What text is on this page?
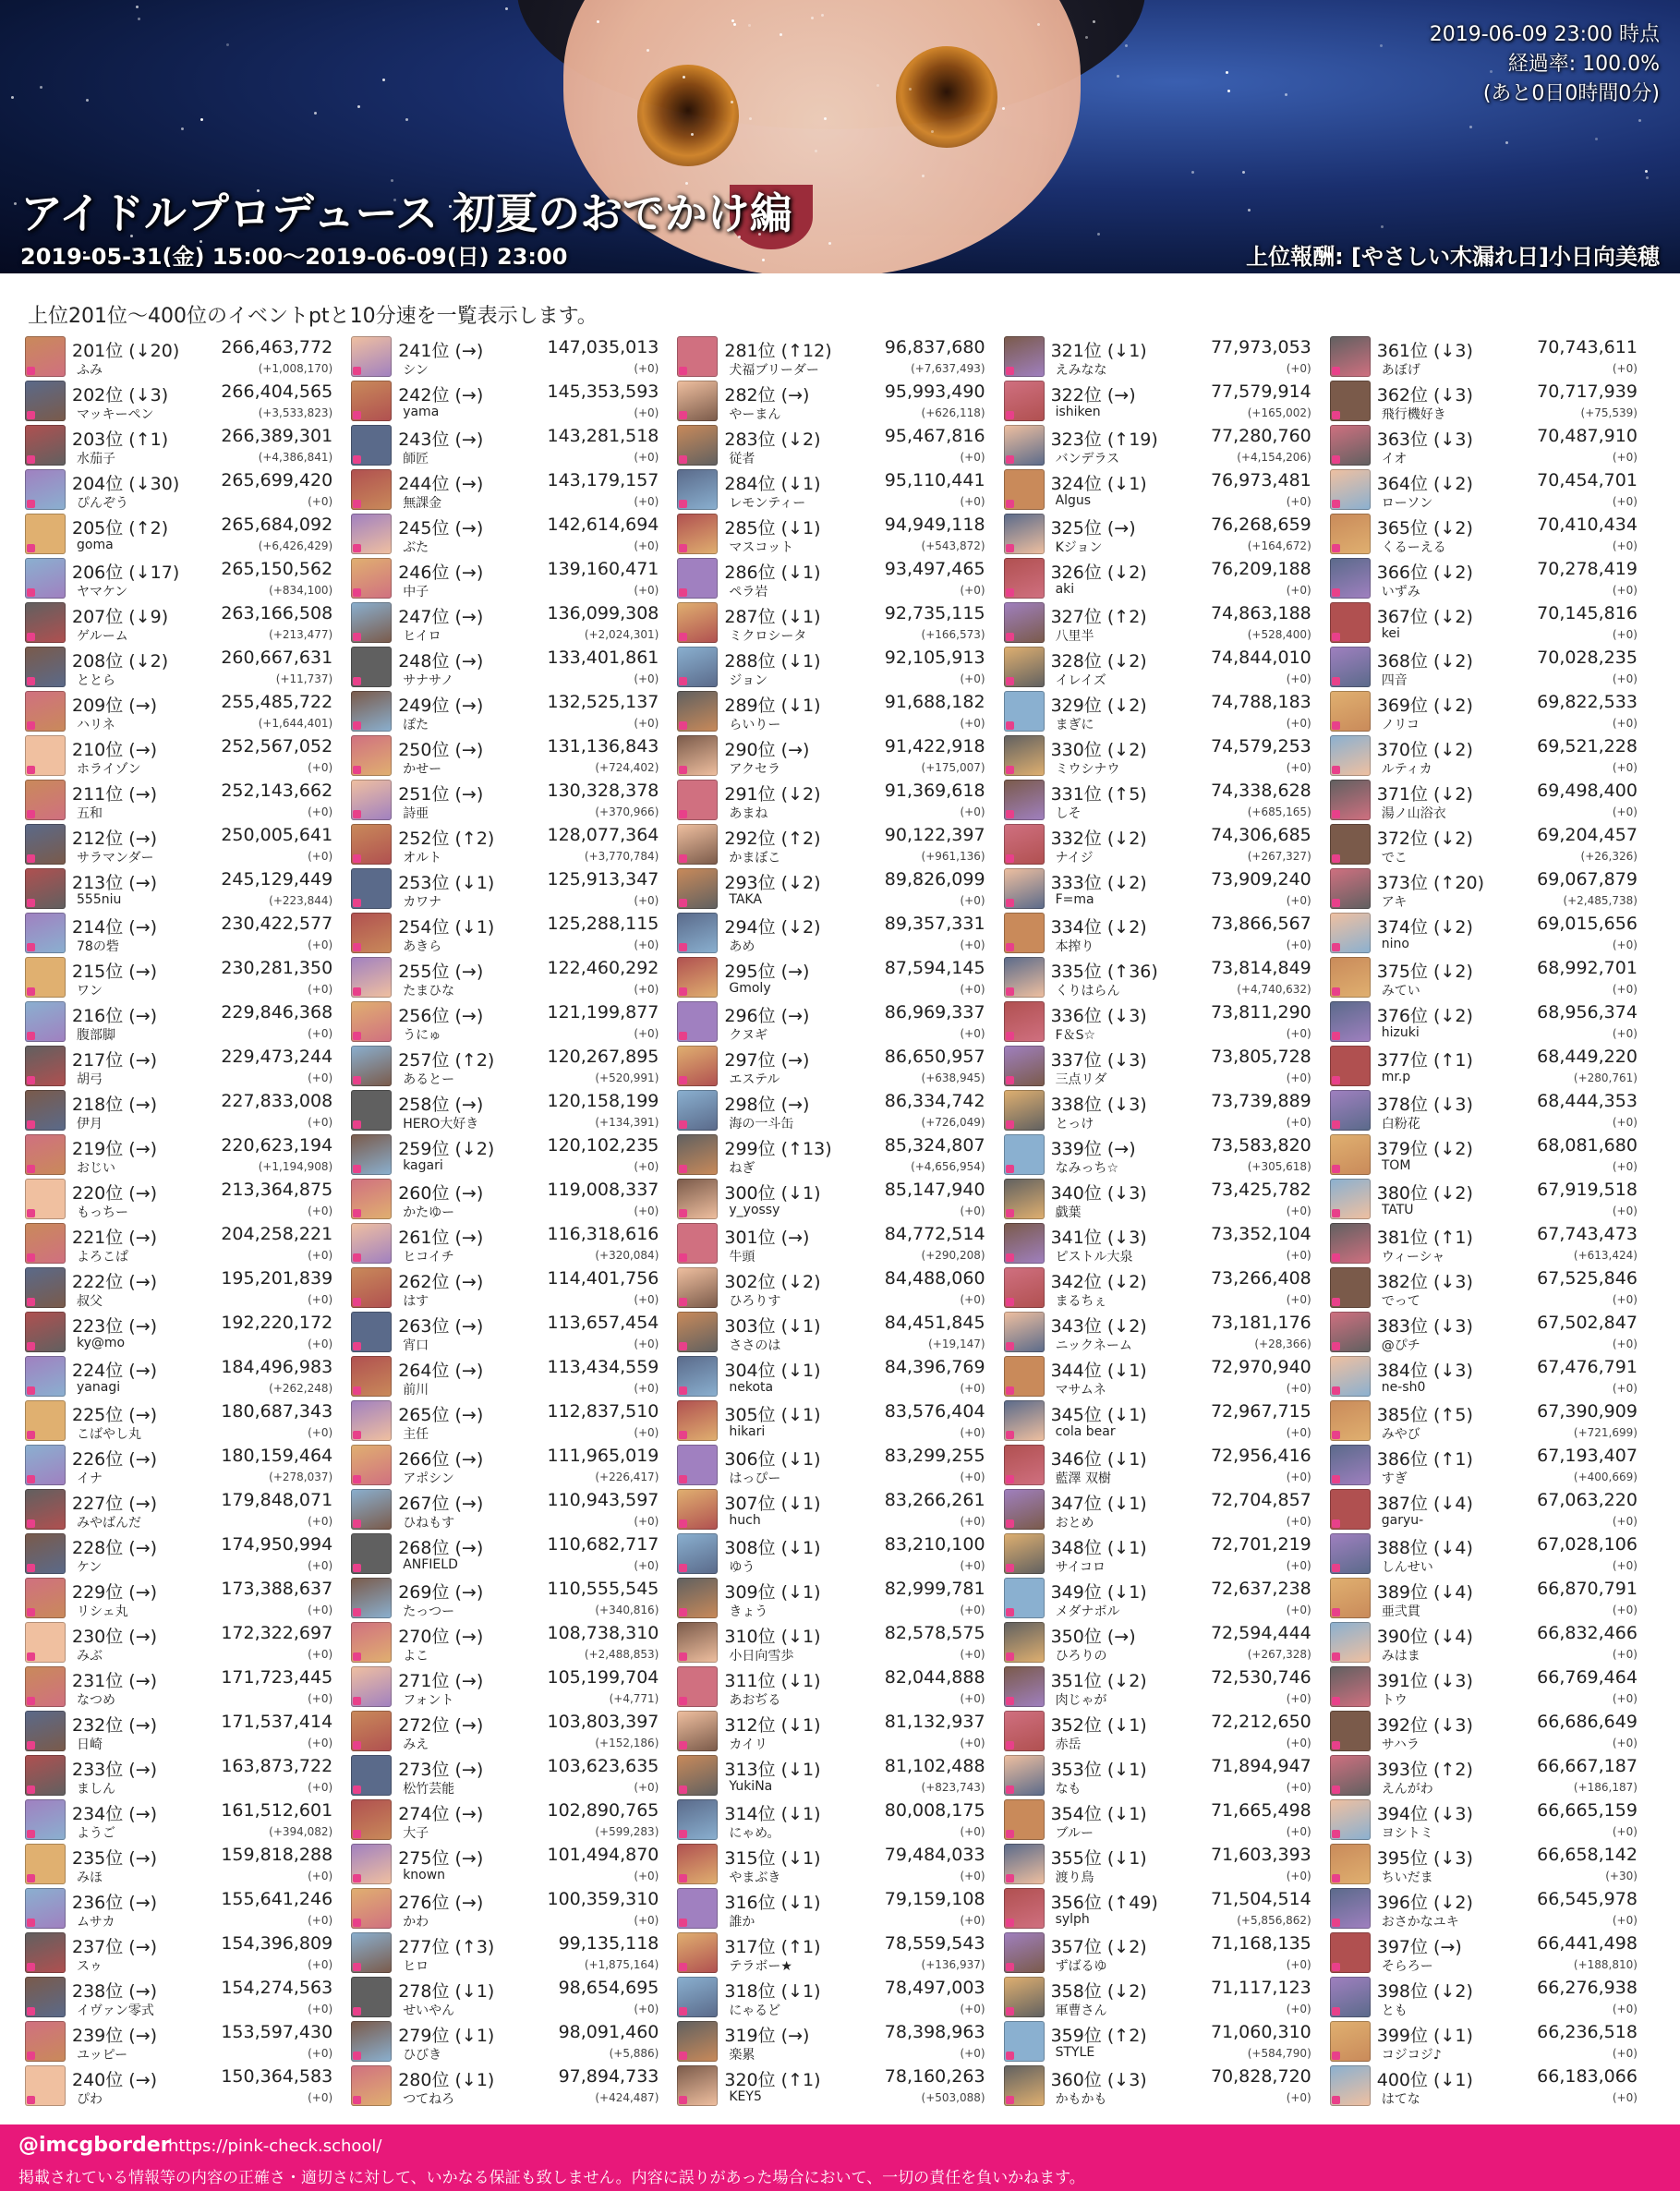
アイドルプロデュース 初夏のおでかけ編
2019-05-31(金) 15:00〜2019-06-09(日) 23:00	上位報酬: [やさしい木漏れ日]小日向美穂
2019-06-09 23:00 時点
経過率: 100.0%
(あと0日0時間0分)
上位201位〜400位のイベントptと10分速を一覧表示します。
201位 (↓20) 266,463,772
ふみ	(+1,008,170)
202位 (↓3)	266,404,565
マッキーペン	(+3,533,823)
203位 (↑1)	266,389,301
水茄子	(+4,386,841)
204位 (↓30) 265,699,420
ぴんぞう	(+0)
205位 (↑2)	265,684,092
goma	(+6,426,429)
206位 (↓17) 265,150,562
ヤマケン	(+834,100)
207位 (↓9)	263,166,508
ゲルーム	(+213,477)
208位 (↓2)	260,667,631
ととら	(+11,737)
209位 (→)	255,485,722
ハリネ	(+1,644,401)
210位 (→)	252,567,052
ホライゾン	(+0)
211位 (→)	252,143,662
五和	(+0)
212位 (→)	250,005,641
サラマンダー	(+0)
213位 (→)	245,129,449
555niu	(+223,844)
214位 (→)	230,422,577
78の砦	(+0)
215位 (→)	230,281,350
ワン	(+0)
216位 (→)	229,846,368
腹部脚	(+0)
217位 (→)	229,473,244
胡弓	(+0)
218位 (→)	227,833,008
伊月	(+0)
219位 (→)	220,623,194
おじい	(+1,194,908)
220位 (→)	213,364,875
もっちー	(+0)
221位 (→)	204,258,221
よろこぱ	(+0)
222位 (→)	195,201,839
叔父	(+0)
223位 (→)	192,220,172
ky@mo	(+0)
224位 (→)	184,496,983
yanagi	(+262,248)
225位 (→)	180,687,343
こばやし丸	(+0)
226位 (→)	180,159,464
イナ	(+278,037)
227位 (→)	179,848,071
みやばんだ	(+0)
228位 (→)	174,950,994
ケン	(+0)
229位 (→)	173,388,637
リシェ丸	(+0)
230位 (→)	172,322,697
みぶ	(+0)
231位 (→)	171,723,445
なつめ	(+0)
232位 (→)	171,537,414
日崎	(+0)
233位 (→)	163,873,722
ましん	(+0)
234位 (→)	161,512,601
ようご	(+394,082)
235位 (→)	159,818,288
みほ	(+0)
236位 (→)	155,641,246
ムサカ	(+0)
237位 (→)	154,396,809
スゥ	(+0)
238位 (→)	154,274,563
イヴァン零式	(+0)
239位 (→)	153,597,430
ユッピー	(+0)
240位 (→)	150,364,583
ぴわ	(+0)
241位 (→)	147,035,013
シン	(+0)
242位 (→)	145,353,593
yama	(+0)
243位 (→)	143,281,518
師匠	(+0)
244位 (→)	143,179,157
無課金	(+0)
245位 (→)	142,614,694
ぶた	(+0)
246位 (→)	139,160,471
中子	(+0)
247位 (→)	136,099,308
ヒイロ	(+2,024,301)
248位 (→)	133,401,861
サナサノ	(+0)
249位 (→)	132,525,137
ぽた	(+0)
250位 (→)	131,136,843
かせー	(+724,402)
251位 (→)	130,328,378
詩亜	(+370,966)
252位 (↑2)	128,077,364
オルト	(+3,770,784)
253位 (↓1)	125,913,347
カワナ	(+0)
254位 (↓1)	125,288,115
あきら	(+0)
255位 (→)	122,460,292
たまひな	(+0)
256位 (→)	121,199,877
うにゅ	(+0)
257位 (↑2)	120,267,895
あるとー	(+520,991)
258位 (→)	120,158,199
HERO大好き	(+134,391)
259位 (↓2)	120,102,235
kagari	(+0)
260位 (→)	119,008,337
かたゆー	(+0)
261位 (→)	116,318,616
ヒコイチ	(+320,084)
262位 (→)	114,401,756
はす	(+0)
263位 (→)	113,657,454
宵口	(+0)
264位 (→)	113,434,559
前川	(+0)
265位 (→)	112,837,510
主任	(+0)
266位 (→)	111,965,019
アポシン	(+226,417)
267位 (→)	110,943,597
ひねもす	(+0)
268位 (→)	110,682,717
ANFIELD	(+0)
269位 (→)	110,555,545
たっつー	(+340,816)
270位 (→)	108,738,310
よこ	(+2,488,853)
271位 (→)	105,199,704
フォント	(+4,771)
272位 (→)	103,803,397
みえ	(+152,186)
273位 (→)	103,623,635
松竹芸能	(+0)
274位 (→)	102,890,765
大子	(+599,283)
275位 (→)	101,494,870
known	(+0)
276位 (→)	100,359,310
かわ	(+0)
277位 (↑3)	99,135,118
ヒロ	(+1,875,164)
278位 (↓1)	98,654,695
せいやん	(+0)
279位 (↓1)	98,091,460
ひびき	(+5,886)
280位 (↓1)	97,894,733
つてねろ	(+424,487)
281位 (↑12)	96,837,680
犬福ブリーダー	(+7,637,493)
282位 (→)	95,993,490
やーまん	(+626,118)
283位 (↓2)	95,467,816
従者	(+0)
284位 (↓1)	95,110,441
レモンティー	(+0)
285位 (↓1)	94,949,118
マスコット	(+543,872)
286位 (↓1)	93,497,465
ペラ岩	(+0)
287位 (↓1)	92,735,115
ミクロシータ	(+166,573)
288位 (↓1)	92,105,913
ジョン	(+0)
289位 (↓1)	91,688,182
らいりー	(+0)
290位 (→)	91,422,918
アクセラ	(+175,007)
291位 (↓2)	91,369,618
あまね	(+0)
292位 (↑2)	90,122,397
かまぼこ	(+961,136)
293位 (↓2)	89,826,099
TAKA	(+0)
294位 (↓2)	89,357,331
あめ	(+0)
295位 (→)	87,594,145
Gmoly	(+0)
296位 (→)	86,969,337
クヌギ	(+0)
297位 (→)	86,650,957
エステル	(+638,945)
298位 (→)	86,334,742
海の一斗缶	(+726,049)
299位 (↑13)	85,324,807
ねぎ	(+4,656,954)
300位 (↓1)	85,147,940
y_yossy	(+0)
301位 (→)	84,772,514
牛頭	(+290,208)
302位 (↓2)	84,488,060
ひろりす	(+0)
303位 (↓1)	84,451,845
ささのは	(+19,147)
304位 (↓1)	84,396,769
nekota	(+0)
305位 (↓1)	83,576,404
hikari	(+0)
306位 (↓1)	83,299,255
はっぴー	(+0)
307位 (↓1)	83,266,261
huch	(+0)
308位 (↓1)	83,210,100
ゆう	(+0)
309位 (↓1)	82,999,781
きょう	(+0)
310位 (↓1)	82,578,575
小日向雪歩	(+0)
311位 (↓1)	82,044,888
あおぢる	(+0)
312位 (↓1)	81,132,937
カイリ	(+0)
313位 (↓1)	81,102,488
YukiNa	(+823,743)
314位 (↓1)	80,008,175
にゃめ。	(+0)
315位 (↓1)	79,484,033
やまぶき	(+0)
316位 (↓1)	79,159,108
誰か	(+0)
317位 (↑1)	78,559,543
テラボー★	(+136,937)
318位 (↓1)	78,497,003
にゃるど	(+0)
319位 (→)	78,398,963
楽累	(+0)
320位 (↑1)	78,160,263
KEY5	(+503,088)
321位 (↓1)	77,973,053
えみなな	(+0)
322位 (→)	77,579,914
ishiken	(+165,002)
323位 (↑19)	77,280,760
バンデラス	(+4,154,206)
324位 (↓1)	76,973,481
Algus	(+0)
325位 (→)	76,268,659
Kジョン	(+164,672)
326位 (↓2)	76,209,188
aki	(+0)
327位 (↑2)	74,863,188
八里半	(+528,400)
328位 (↓2)	74,844,010
イレイズ	(+0)
329位 (↓2)	74,788,183
まぎに	(+0)
330位 (↓2)	74,579,253
ミウシナウ	(+0)
331位 (↑5)	74,338,628
しそ	(+685,165)
332位 (↓2)	74,306,685
ナイジ	(+267,327)
333位 (↓2)	73,909,240
F=ma	(+0)
334位 (↓2)	73,866,567
本搾り	(+0)
335位 (↑36)	73,814,849
くりはらん	(+4,740,632)
336位 (↓3)	73,811,290
F＆S☆	(+0)
337位 (↓3)	73,805,728
三点リダ	(+0)
338位 (↓3)	73,739,889
とっけ	(+0)
339位 (→)	73,583,820
なみっち☆	(+305,618)
340位 (↓3)	73,425,782
戯葉	(+0)
341位 (↓3)	73,352,104
ピストル大泉	(+0)
342位 (↓2)	73,266,408
まるちぇ	(+0)
343位 (↓2)	73,181,176
ニックネーム	(+28,366)
344位 (↓1)	72,970,940
マサムネ	(+0)
345位 (↓1)	72,967,715
cola bear	(+0)
346位 (↓1)	72,956,416
藍澤 双樹	(+0)
347位 (↓1)	72,704,857
おとめ	(+0)
348位 (↓1)	72,701,219
サイコロ	(+0)
349位 (↓1)	72,637,238
メダナボル	(+0)
350位 (→)	72,594,444
ひろりの	(+267,328)
351位 (↓2)	72,530,746
肉じゃが	(+0)
352位 (↓1)	72,212,650
赤岳	(+0)
353位 (↓1)	71,894,947
なも	(+0)
354位 (↓1)	71,665,498
ブルー	(+0)
355位 (↓1)	71,603,393
渡り鳥	(+0)
356位 (↑49)	71,504,514
sylph	(+5,856,862)
357位 (↓2)	71,168,135
ずばるゆ	(+0)
358位 (↓2)	71,117,123
軍曹さん	(+0)
359位 (↑2)	71,060,310
STYLE	(+584,790)
360位 (↓3)	70,828,720
かもかも	(+0)
361位 (↓3)	70,743,611
あぼげ	(+0)
362位 (↓3)	70,717,939
飛行機好き	(+75,539)
363位 (↓3)	70,487,910
イオ	(+0)
364位 (↓2)	70,454,701
ローソン	(+0)
365位 (↓2)	70,410,434
くるーえる	(+0)
366位 (↓2)	70,278,419
いずみ	(+0)
367位 (↓2)	70,145,816
kei	(+0)
368位 (↓2)	70,028,235
四音	(+0)
369位 (↓2)	69,822,533
ノリコ	(+0)
370位 (↓2)	69,521,228
ルティカ	(+0)
371位 (↓2)	69,498,400
湯ノ山浴衣	(+0)
372位 (↓2)	69,204,457
でこ	(+26,326)
373位 (↑20)	69,067,879
アキ	(+2,485,738)
374位 (↓2)	69,015,656
nino	(+0)
375位 (↓2)	68,992,701
みてい	(+0)
376位 (↓2)	68,956,374
hizuki	(+0)
377位 (↑1)	68,449,220
mr.p	(+280,761)
378位 (↓3)	68,444,353
白粉花	(+0)
379位 (↓2)	68,081,680
TOM	(+0)
380位 (↓2)	67,919,518
TATU	(+0)
381位 (↑1)	67,743,473
ウィーシャ	(+613,424)
382位 (↓3)	67,525,846
でって	(+0)
383位 (↓3)	67,502,847
@ぴチ	(+0)
384位 (↓3)	67,476,791
ne-sh0	(+0)
385位 (↑5)	67,390,909
みやび	(+721,699)
386位 (↑1)	67,193,407
すぎ	(+400,669)
387位 (↓4)	67,063,220
garyu-	(+0)
388位 (↓4)	67,028,106
しんせい	(+0)
389位 (↓4)	66,870,791
亜弐貫	(+0)
390位 (↓4)	66,832,466
みはま	(+0)
391位 (↓3)	66,769,464
トウ	(+0)
392位 (↓3)	66,686,649
サハラ	(+0)
393位 (↑2)	66,667,187
えんがわ	(+186,187)
394位 (↓3)	66,665,159
ヨシトミ	(+0)
395位 (↓3)	66,658,142
ちいだま	(+30)
396位 (↓2)	66,545,978
おさかなユキ	(+0)
397位 (→)	66,441,498
そらろー	(+188,810)
398位 (↓2)	66,276,938
とも	(+0)
399位 (↓1)	66,236,518
コジコジ♪	(+0)
400位 (↓1)	66,183,066
はてな	(+0)
@imcgborder
https://pink-check.school/
掲載されている情報等の内容の正確さ・適切さに対して、いかなる保証も致しません。内容に誤りがあった場合において、一切の責任を負いかねます。
